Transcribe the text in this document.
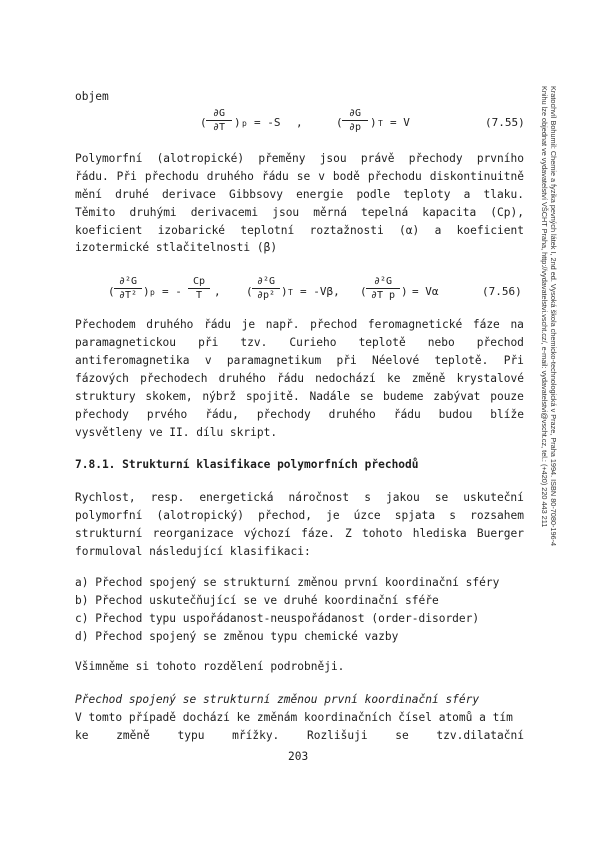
Kratochvíl Bohumil: Chemie a fyzika pevných látek I, 2nd ed. Vysoká škola chemicko-technologická v Praze, Praha 1994. ISBN 80-7080-196-4
Knihu lze objednat ve vydavatelství VŠCHT Praha, http://vydavatelstvi.vscht.cz/, e-mail: vydavatelstvi@vscht.cz, tel.: (+420) 220 443 211
objem
(
∂G
∂T ) p = -S ,	(
∂G
∂p ) T = V	(7.55)
Polymorfní (alotropické) přeměny jsou právě přechody prvního
řádu. Při přechodu druhého řádu se v bodě přechodu diskontinuitně
mění druhé derivace Gibbsovy energie podle teploty a tlaku.
Těmito druhými derivacemi jsou měrná tepelná kapacita (Cp),
koeficient izobarické teplotní roztažnosti (α) a koeficient
izotermické stlačitelnosti (β)
(
∂²G
∂T² ) p = -
Cp
T	, (
∂²G
∂p² ) T = -Vβ, (
∂²G
∂T p ) = Vα	(7.56)
Přechodem druhého řádu je např. přechod feromagnetické fáze na
paramagnetickou při tzv. Curieho teplotě nebo přechod
antiferomagnetika v paramagnetikum při Néelové teplotě. Při
fázových přechodech druhého řádu nedochází ke změně krystalové
struktury skokem, nýbrž spojitě. Nadále se budeme zabývat pouze
přechody prvého řádu, přechody druhého řádu budou blíže
vysvětleny ve II. dílu skript.
7.8.1. Strukturní klasifikace polymorfních přechodů
Rychlost, resp. energetická náročnost s jakou se uskuteční
polymorfní (alotropický) přechod, je úzce spjata s rozsahem
strukturní reorganizace výchozí fáze. Z tohoto hlediska Buerger
formuloval následující klasifikaci:
a) Přechod spojený se strukturní změnou první koordinační sféry
b) Přechod uskutečňující se ve druhé koordinační sféře
c) Přechod typu uspořádanost-neuspořádanost (order-disorder)
d) Přechod spojený se změnou typu chemické vazby
Všimněme si tohoto rozdělení podrobněji.
Přechod spojený se strukturní změnou první koordinační sféry
V tomto případě dochází ke změnám koordinačních čísel atomů a tím
ke změně typu mřížky. Rozlišuji se tzv.dilatační
203
